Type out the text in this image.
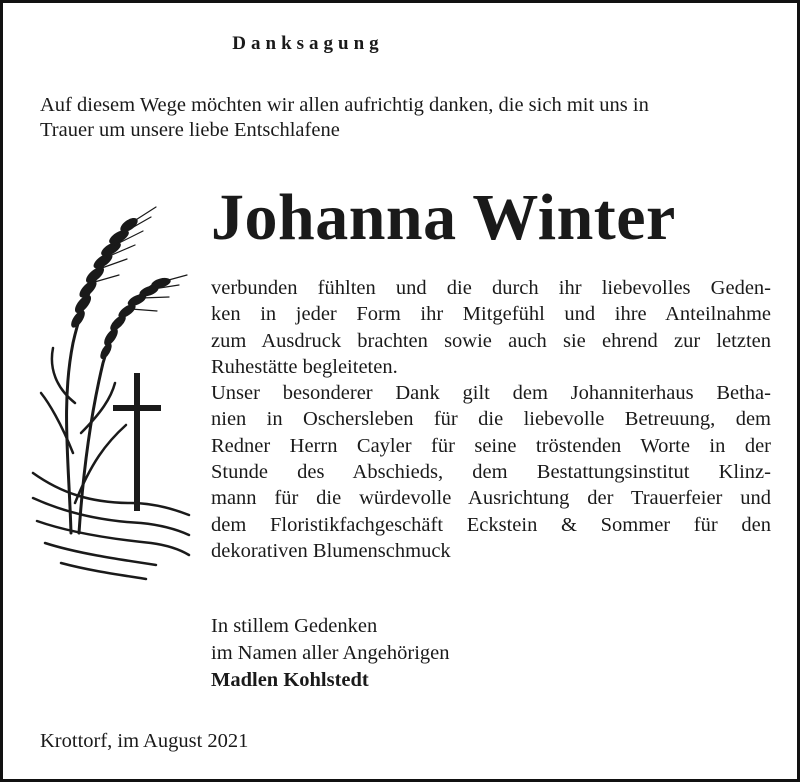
Danksagung
Auf diesem Wege möchten wir allen aufrichtig danken, die sich mit uns in
Trauer um unsere liebe Entschlafene
Johanna Winter
verbunden fühlten und die durch ihr liebevolles Geden-
ken in jeder Form ihr Mitgefühl und ihre Anteilnahme
zum Ausdruck brachten sowie auch sie ehrend zur letzten
Ruhestätte begleiteten.
Unser besonderer Dank gilt dem Johanniterhaus Betha-
nien in Oschersleben für die liebevolle Betreuung, dem
Redner Herrn Cayler für seine tröstenden Worte in der
Stunde des Abschieds, dem Bestattungsinstitut Klinz-
mann für die würdevolle Ausrichtung der Trauerfeier und
dem Floristikfachgeschäft Eckstein & Sommer für den
dekorativen Blumenschmuck
In stillem Gedenken
im Namen aller Angehörigen
Madlen Kohlstedt
Krottorf, im August 2021
